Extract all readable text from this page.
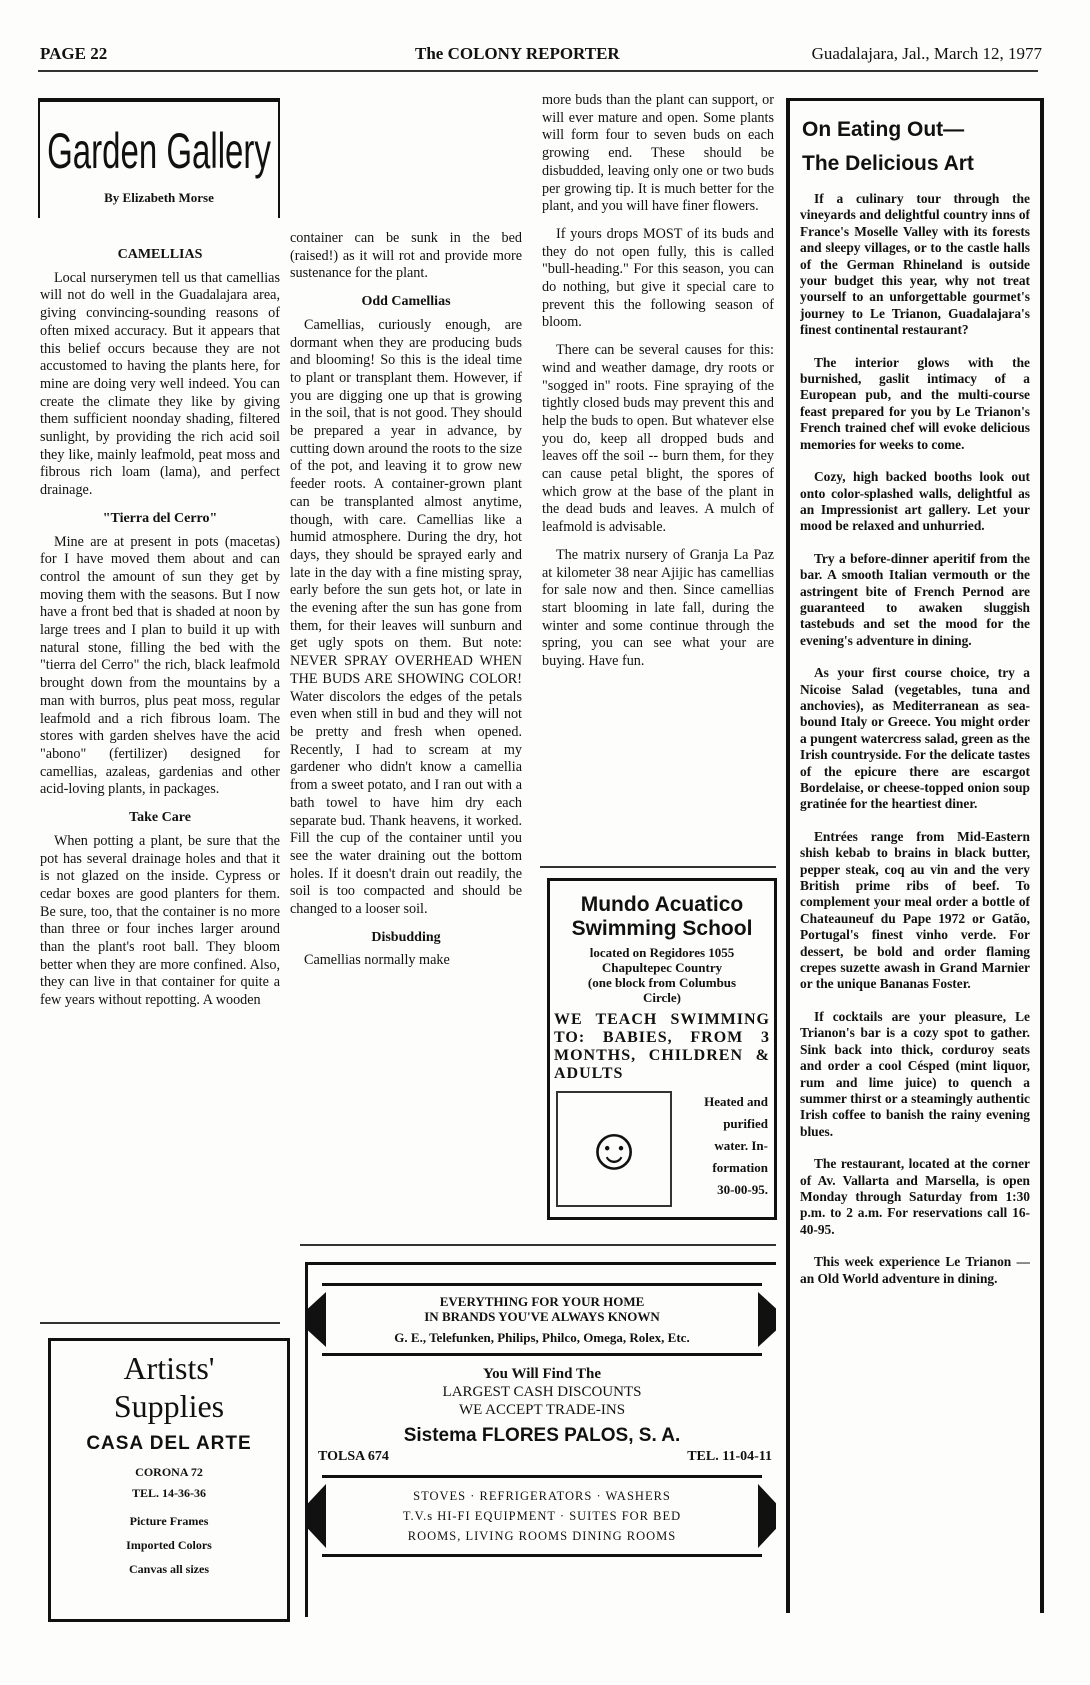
PAGE 22	The COLONY REPORTER	Guadalajara, Jal., March 12, 1977
Garden Gallery
By Elizabeth Morse
CAMELLIAS

Local nurserymen tell us that camellias will not do well in the Guadalajara area, giving convincing-sounding reasons of often mixed accuracy. But it appears that this belief occurs because they are not accustomed to having the plants here, for mine are doing very well indeed. You can create the climate they like by giving them sufficient noonday shading, filtered sunlight, by providing the rich acid soil they like, mainly leafmold, peat moss and fibrous rich loam (lama), and perfect drainage.

"Tierra del Cerro"

Mine are at present in pots (macetas) for I have moved them about and can control the amount of sun they get by moving them with the seasons. But I now have a front bed that is shaded at noon by large trees and I plan to build it up with natural stone, filling the bed with the "tierra del Cerro" the rich, black leafmold brought down from the mountains by a man with burros, plus peat moss, regular leafmold and a rich fibrous loam. The stores with garden shelves have the acid "abono" (fertilizer) designed for camellias, azaleas, gardenias and other acid-loving plants, in packages.

Take Care

When potting a plant, be sure that the pot has several drainage holes and that it is not glazed on the inside. Cypress or cedar boxes are good planters for them. Be sure, too, that the container is no more than three or four inches larger around than the plant's root ball. They bloom better when they are more confined. Also, they can live in that container for quite a few years without repotting. A wooden

container can be sunk in the bed (raised!) as it will rot and provide more sustenance for the plant.

Odd Camellias

Camellias, curiously enough, are dormant when they are producing buds and blooming! So this is the ideal time to plant or transplant them. However, if you are digging one up that is growing in the soil, that is not good. They should be prepared a year in advance, by cutting down around the roots to the size of the pot, and leaving it to grow new feeder roots. A container-grown plant can be transplanted almost anytime, though, with care. Camellias like a humid atmosphere. During the dry, hot days, they should be sprayed early and late in the day with a fine misting spray, early before the sun gets hot, or late in the evening after the sun has gone from them, for their leaves will sunburn and get ugly spots on them. But note: NEVER SPRAY OVERHEAD WHEN THE BUDS ARE SHOWING COLOR! Water discolors the edges of the petals even when still in bud and they will not be pretty and fresh when opened. Recently, I had to scream at my gardener who didn't know a camellia from a sweet potato, and I ran out with a bath towel to have him dry each separate bud. Thank heavens, it worked. Fill the cup of the container until you see the water draining out the bottom holes. If it doesn't drain out readily, the soil is too compacted and should be changed to a looser soil.

Disbudding

Camellias normally make

more buds than the plant can support, or will ever mature and open. Some plants will form four to seven buds on each growing end. These should be disbudded, leaving only one or two buds per growing tip. It is much better for the plant, and you will have finer flowers.

If yours drops MOST of its buds and they do not open fully, this is called "bull-heading." For this season, you can do nothing, but give it special care to prevent this the following season of bloom.

There can be several causes for this: wind and weather damage, dry roots or "sogged in" roots. Fine spraying of the tightly closed buds may prevent this and help the buds to open. But whatever else you do, keep all dropped buds and leaves off the soil -- burn them, for they can cause petal blight, the spores of which grow at the base of the plant in the dead buds and leaves. A mulch of leafmold is advisable.

The matrix nursery of Granja La Paz at kilometer 38 near Ajijic has camellias for sale now and then. Since camellias start blooming in late fall, during the winter and some continue through the spring, you can see what your are buying. Have fun.

Mundo Acuatico
Swimming School
located on Regidores 1055
Chapultepec Country
(one block from Columbus
Circle)
WE TEACH SWIMMING TO: BABIES, FROM 3 MONTHS, CHILDREN & ADULTS
☺
Heated and
purified
water. In-
formation
30-00-95.
Artists'
Supplies
CASA DEL ARTE
CORONA 72
TEL. 14-36-36
Picture Frames
Imported Colors
Canvas all sizes
EVERYTHING FOR YOUR HOME
IN BRANDS YOU'VE ALWAYS KNOWN
G. E., Telefunken, Philips, Philco, Omega, Rolex, Etc.
You Will Find The
LARGEST CASH DISCOUNTS
WE ACCEPT TRADE-INS
Sistema FLORES PALOS, S. A.
TOLSA 674	TEL. 11-04-11
STOVES · REFRIGERATORS · WASHERS
T.V.s HI-FI EQUIPMENT · SUITES FOR BED
ROOMS, LIVING ROOMS DINING ROOMS
On Eating Out—
The Delicious Art

If a culinary tour through the vineyards and delightful country inns of France's Moselle Valley with its forests and sleepy villages, or to the castle halls of the German Rhineland is outside your budget this year, why not treat yourself to an unforgettable gourmet's journey to Le Trianon, Guadalajara's finest continental restaurant?

The interior glows with the burnished, gaslit intimacy of a European pub, and the multi-course feast prepared for you by Le Trianon's French trained chef will evoke delicious memories for weeks to come.

Cozy, high backed booths look out onto color-splashed walls, delightful as an Impressionist art gallery. Let your mood be relaxed and unhurried.

Try a before-dinner aperitif from the bar. A smooth Italian vermouth or the astringent bite of French Pernod are guaranteed to awaken sluggish tastebuds and set the mood for the evening's adventure in dining.

As your first course choice, try a Nicoise Salad (vegetables, tuna and anchovies), as Mediterranean as sea-bound Italy or Greece. You might order a pungent watercress salad, green as the Irish countryside. For the delicate tastes of the epicure there are escargot Bordelaise, or cheese-topped onion soup gratinée for the heartiest diner.

Entrées range from Mid-Eastern shish kebab to brains in black butter, pepper steak, coq au vin and the very British prime ribs of beef. To complement your meal order a bottle of Chateauneuf du Pape 1972 or Gatão, Portugal's finest vinho verde. For dessert, be bold and order flaming crepes suzette awash in Grand Marnier or the unique Bananas Foster.

If cocktails are your pleasure, Le Trianon's bar is a cozy spot to gather. Sink back into thick, corduroy seats and order a cool Césped (mint liquor, rum and lime juice) to quench a summer thirst or a steamingly authentic Irish coffee to banish the rainy evening blues.

The restaurant, located at the corner of Av. Vallarta and Marsella, is open Monday through Saturday from 1:30 p.m. to 2 a.m. For reservations call 16-40-95.

This week experience Le Trianon — an Old World adventure in dining.
